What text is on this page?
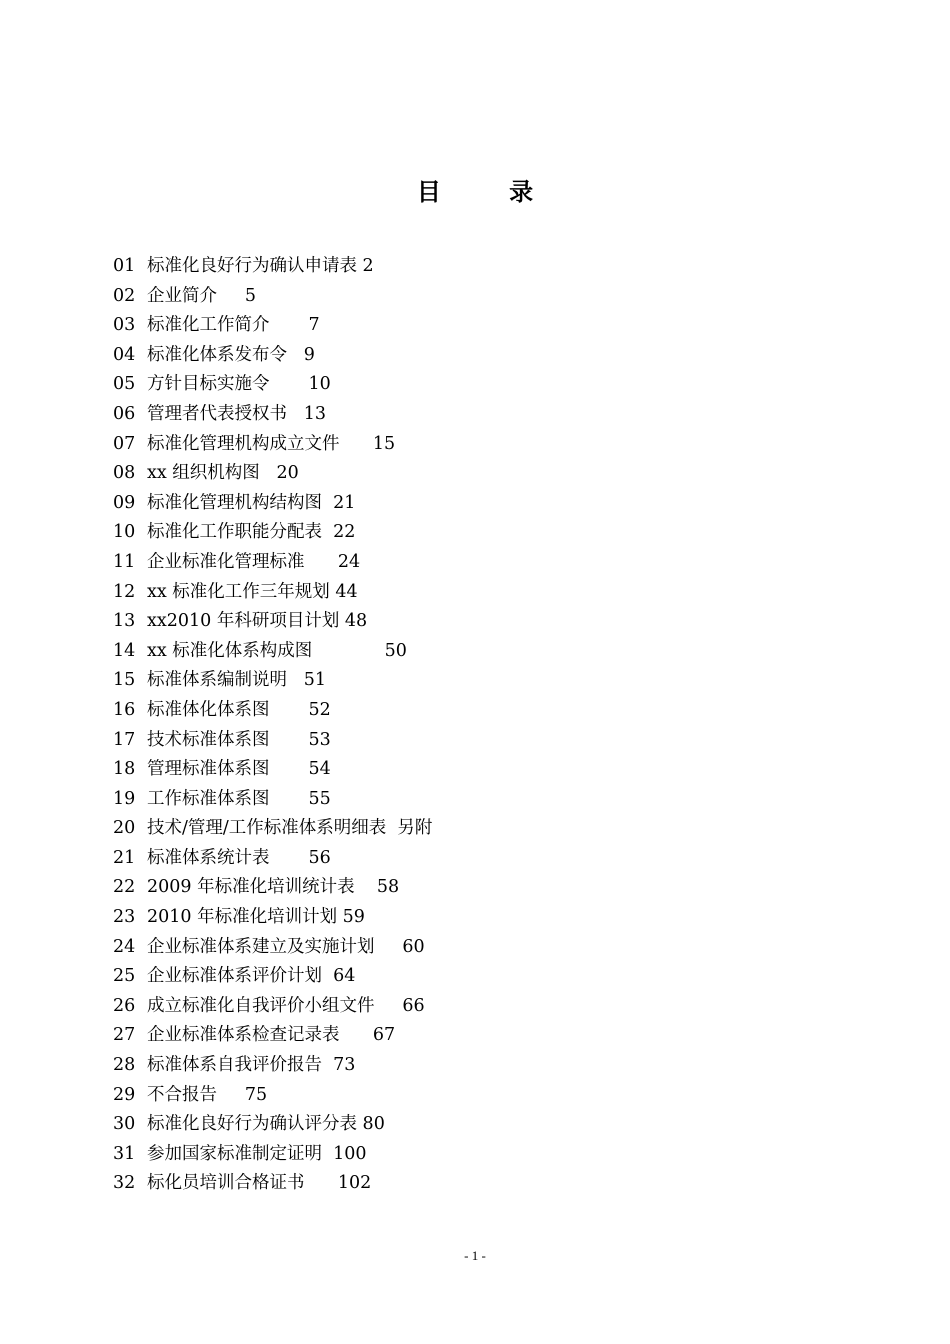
目 录
01 标准化良好行为确认申请表 2
02 企业简介     5
03 标准化工作简介       7
04 标准化体系发布令   9
05 方针目标实施令       10
06 管理者代表授权书   13
07 标准化管理机构成立文件      15
08 xx 组织机构图   20
09 标准化管理机构结构图  21
10 标准化工作职能分配表  22
11 企业标准化管理标准      24
12 xx 标准化工作三年规划 44
13 xx2010 年科研项目计划 48
14 xx 标准化体系构成图             50
15 标准体系编制说明   51
16 标准体化体系图       52
17 技术标准体系图       53
18 管理标准体系图       54
19 工作标准体系图       55
20 技术/管理/工作标准体系明细表  另附
21 标准体系统计表       56
22 2009 年标准化培训统计表    58
23 2010 年标准化培训计划 59
24 企业标准体系建立及实施计划     60
25 企业标准体系评价计划  64
26 成立标准化自我评价小组文件     66
27 企业标准体系检查记录表      67
28 标准体系自我评价报告  73
29 不合报告     75
30 标准化良好行为确认评分表 80
31 参加国家标准制定证明  100
32 标化员培训合格证书      102
- 1 -
